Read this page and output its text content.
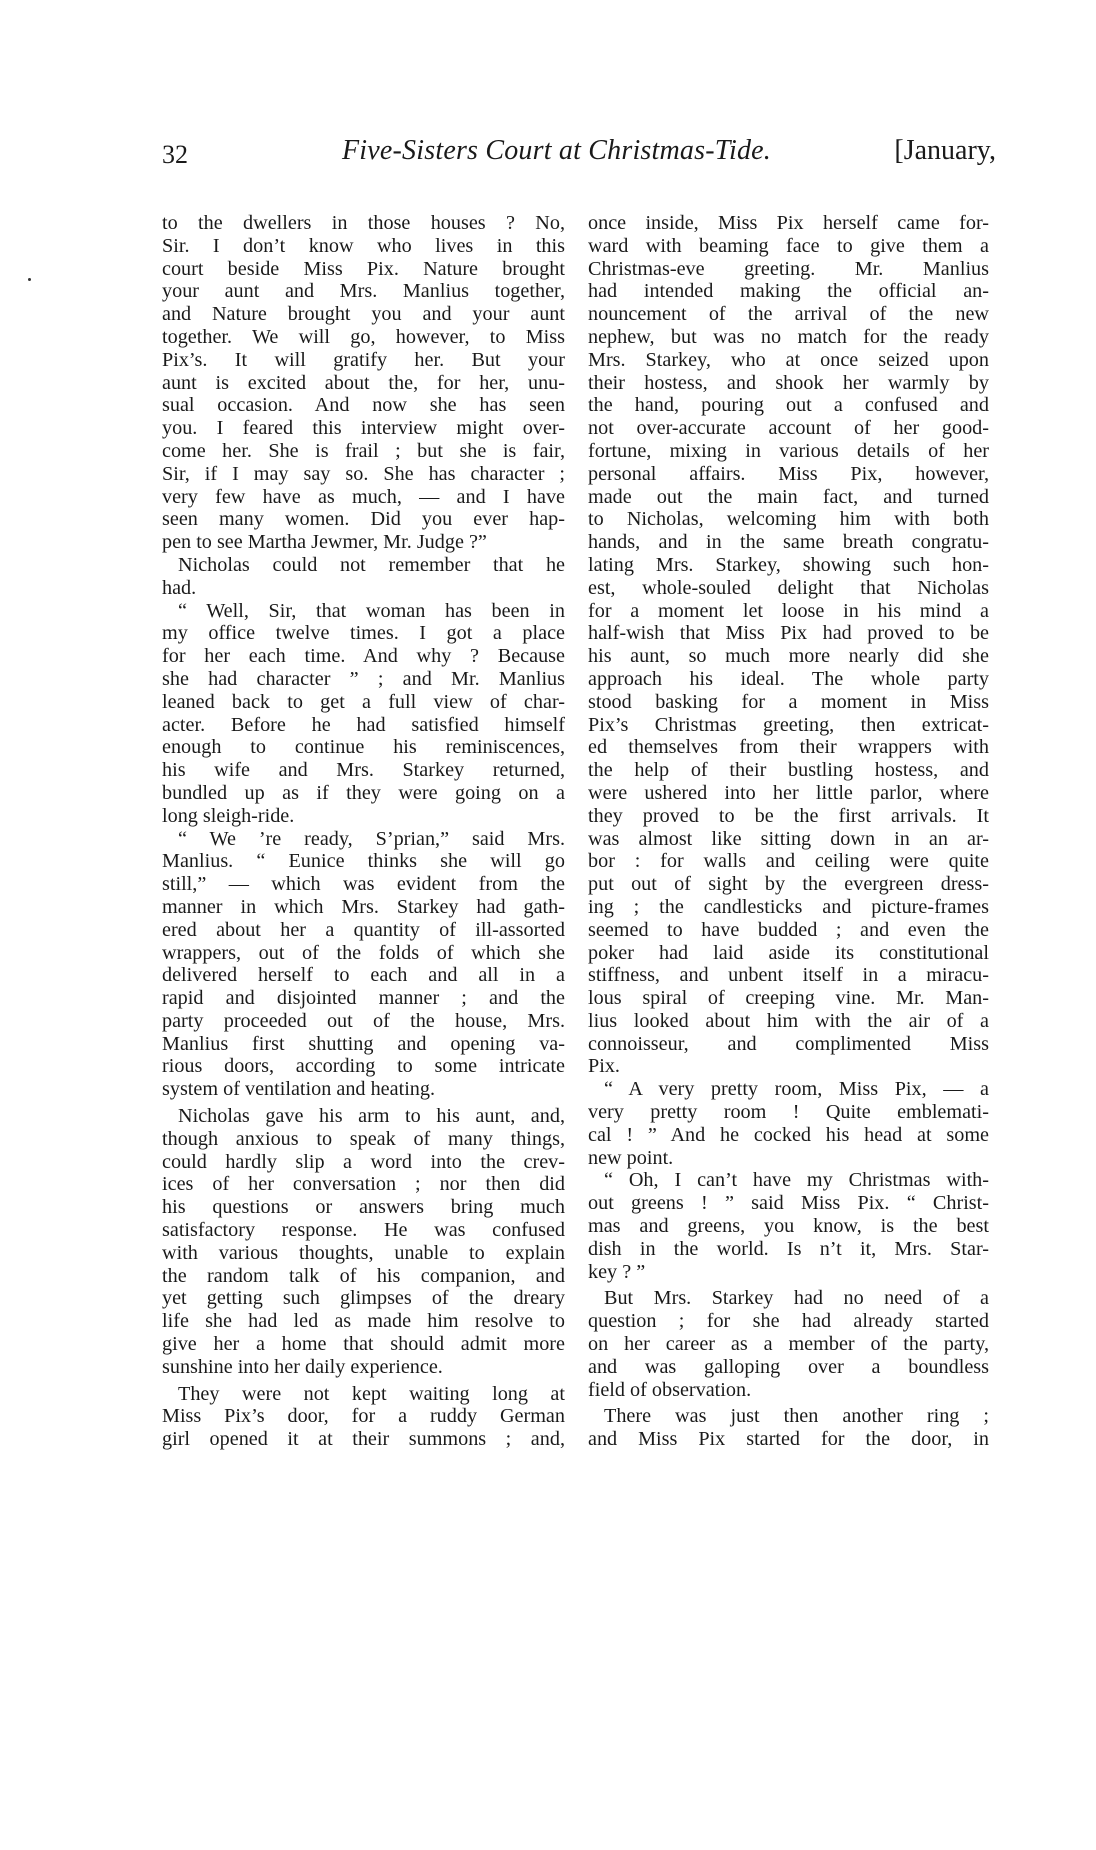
32	Five-Sisters Court at Christmas-Tide.	[January,
to the dwellers in those houses ? No,
Sir. I don’t know who lives in this
court beside Miss Pix. Nature brought
your aunt and Mrs. Manlius together,
and Nature brought you and your aunt
together. We will go, however, to Miss
Pix’s. It will gratify her. But your
aunt is excited about the, for her, unu-
sual occasion. And now she has seen
you. I feared this interview might over-
come her. She is frail ; but she is fair,
Sir, if I may say so. She has character ;
very few have as much, — and I have
seen many women. Did you ever hap-
pen to see Martha Jewmer, Mr. Judge ?”
Nicholas could not remember that he
had.
“ Well, Sir, that woman has been in
my office twelve times. I got a place
for her each time. And why ? Because
she had character ” ; and Mr. Manlius
leaned back to get a full view of char-
acter. Before he had satisfied himself
enough to continue his reminiscences,
his wife and Mrs. Starkey returned,
bundled up as if they were going on a
long sleigh-ride.
“ We ’re ready, S’prian,” said Mrs.
Manlius. “ Eunice thinks she will go
still,” — which was evident from the
manner in which Mrs. Starkey had gath-
ered about her a quantity of ill-assorted
wrappers, out of the folds of which she
delivered herself to each and all in a
rapid and disjointed manner ; and the
party proceeded out of the house, Mrs.
Manlius first shutting and opening va-
rious doors, according to some intricate
system of ventilation and heating.
Nicholas gave his arm to his aunt, and,
though anxious to speak of many things,
could hardly slip a word into the crev-
ices of her conversation ; nor then did
his questions or answers bring much
satisfactory response. He was confused
with various thoughts, unable to explain
the random talk of his companion, and
yet getting such glimpses of the dreary
life she had led as made him resolve to
give her a home that should admit more
sunshine into her daily experience.
They were not kept waiting long at
Miss Pix’s door, for a ruddy German
girl opened it at their summons ; and,
once inside, Miss Pix herself came for-
ward with beaming face to give them a
Christmas-eve greeting. Mr. Manlius
had intended making the official an-
nouncement of the arrival of the new
nephew, but was no match for the ready
Mrs. Starkey, who at once seized upon
their hostess, and shook her warmly by
the hand, pouring out a confused and
not over-accurate account of her good-
fortune, mixing in various details of her
personal affairs. Miss Pix, however,
made out the main fact, and turned
to Nicholas, welcoming him with both
hands, and in the same breath congratu-
lating Mrs. Starkey, showing such hon-
est, whole-souled delight that Nicholas
for a moment let loose in his mind a
half-wish that Miss Pix had proved to be
his aunt, so much more nearly did she
approach his ideal. The whole party
stood basking for a moment in Miss
Pix’s Christmas greeting, then extricat-
ed themselves from their wrappers with
the help of their bustling hostess, and
were ushered into her little parlor, where
they proved to be the first arrivals. It
was almost like sitting down in an ar-
bor : for walls and ceiling were quite
put out of sight by the evergreen dress-
ing ; the candlesticks and picture-frames
seemed to have budded ; and even the
poker had laid aside its constitutional
stiffness, and unbent itself in a miracu-
lous spiral of creeping vine. Mr. Man-
lius looked about him with the air of a
connoisseur, and complimented Miss
Pix.
“ A very pretty room, Miss Pix, — a
very pretty room ! Quite emblemati-
cal ! ” And he cocked his head at some
new point.
“ Oh, I can’t have my Christmas with-
out greens ! ” said Miss Pix. “ Christ-
mas and greens, you know, is the best
dish in the world. Is n’t it, Mrs. Star-
key ? ”
But Mrs. Starkey had no need of a
question ; for she had already started
on her career as a member of the party,
and was galloping over a boundless
field of observation.
There was just then another ring ;
and Miss Pix started for the door, in
